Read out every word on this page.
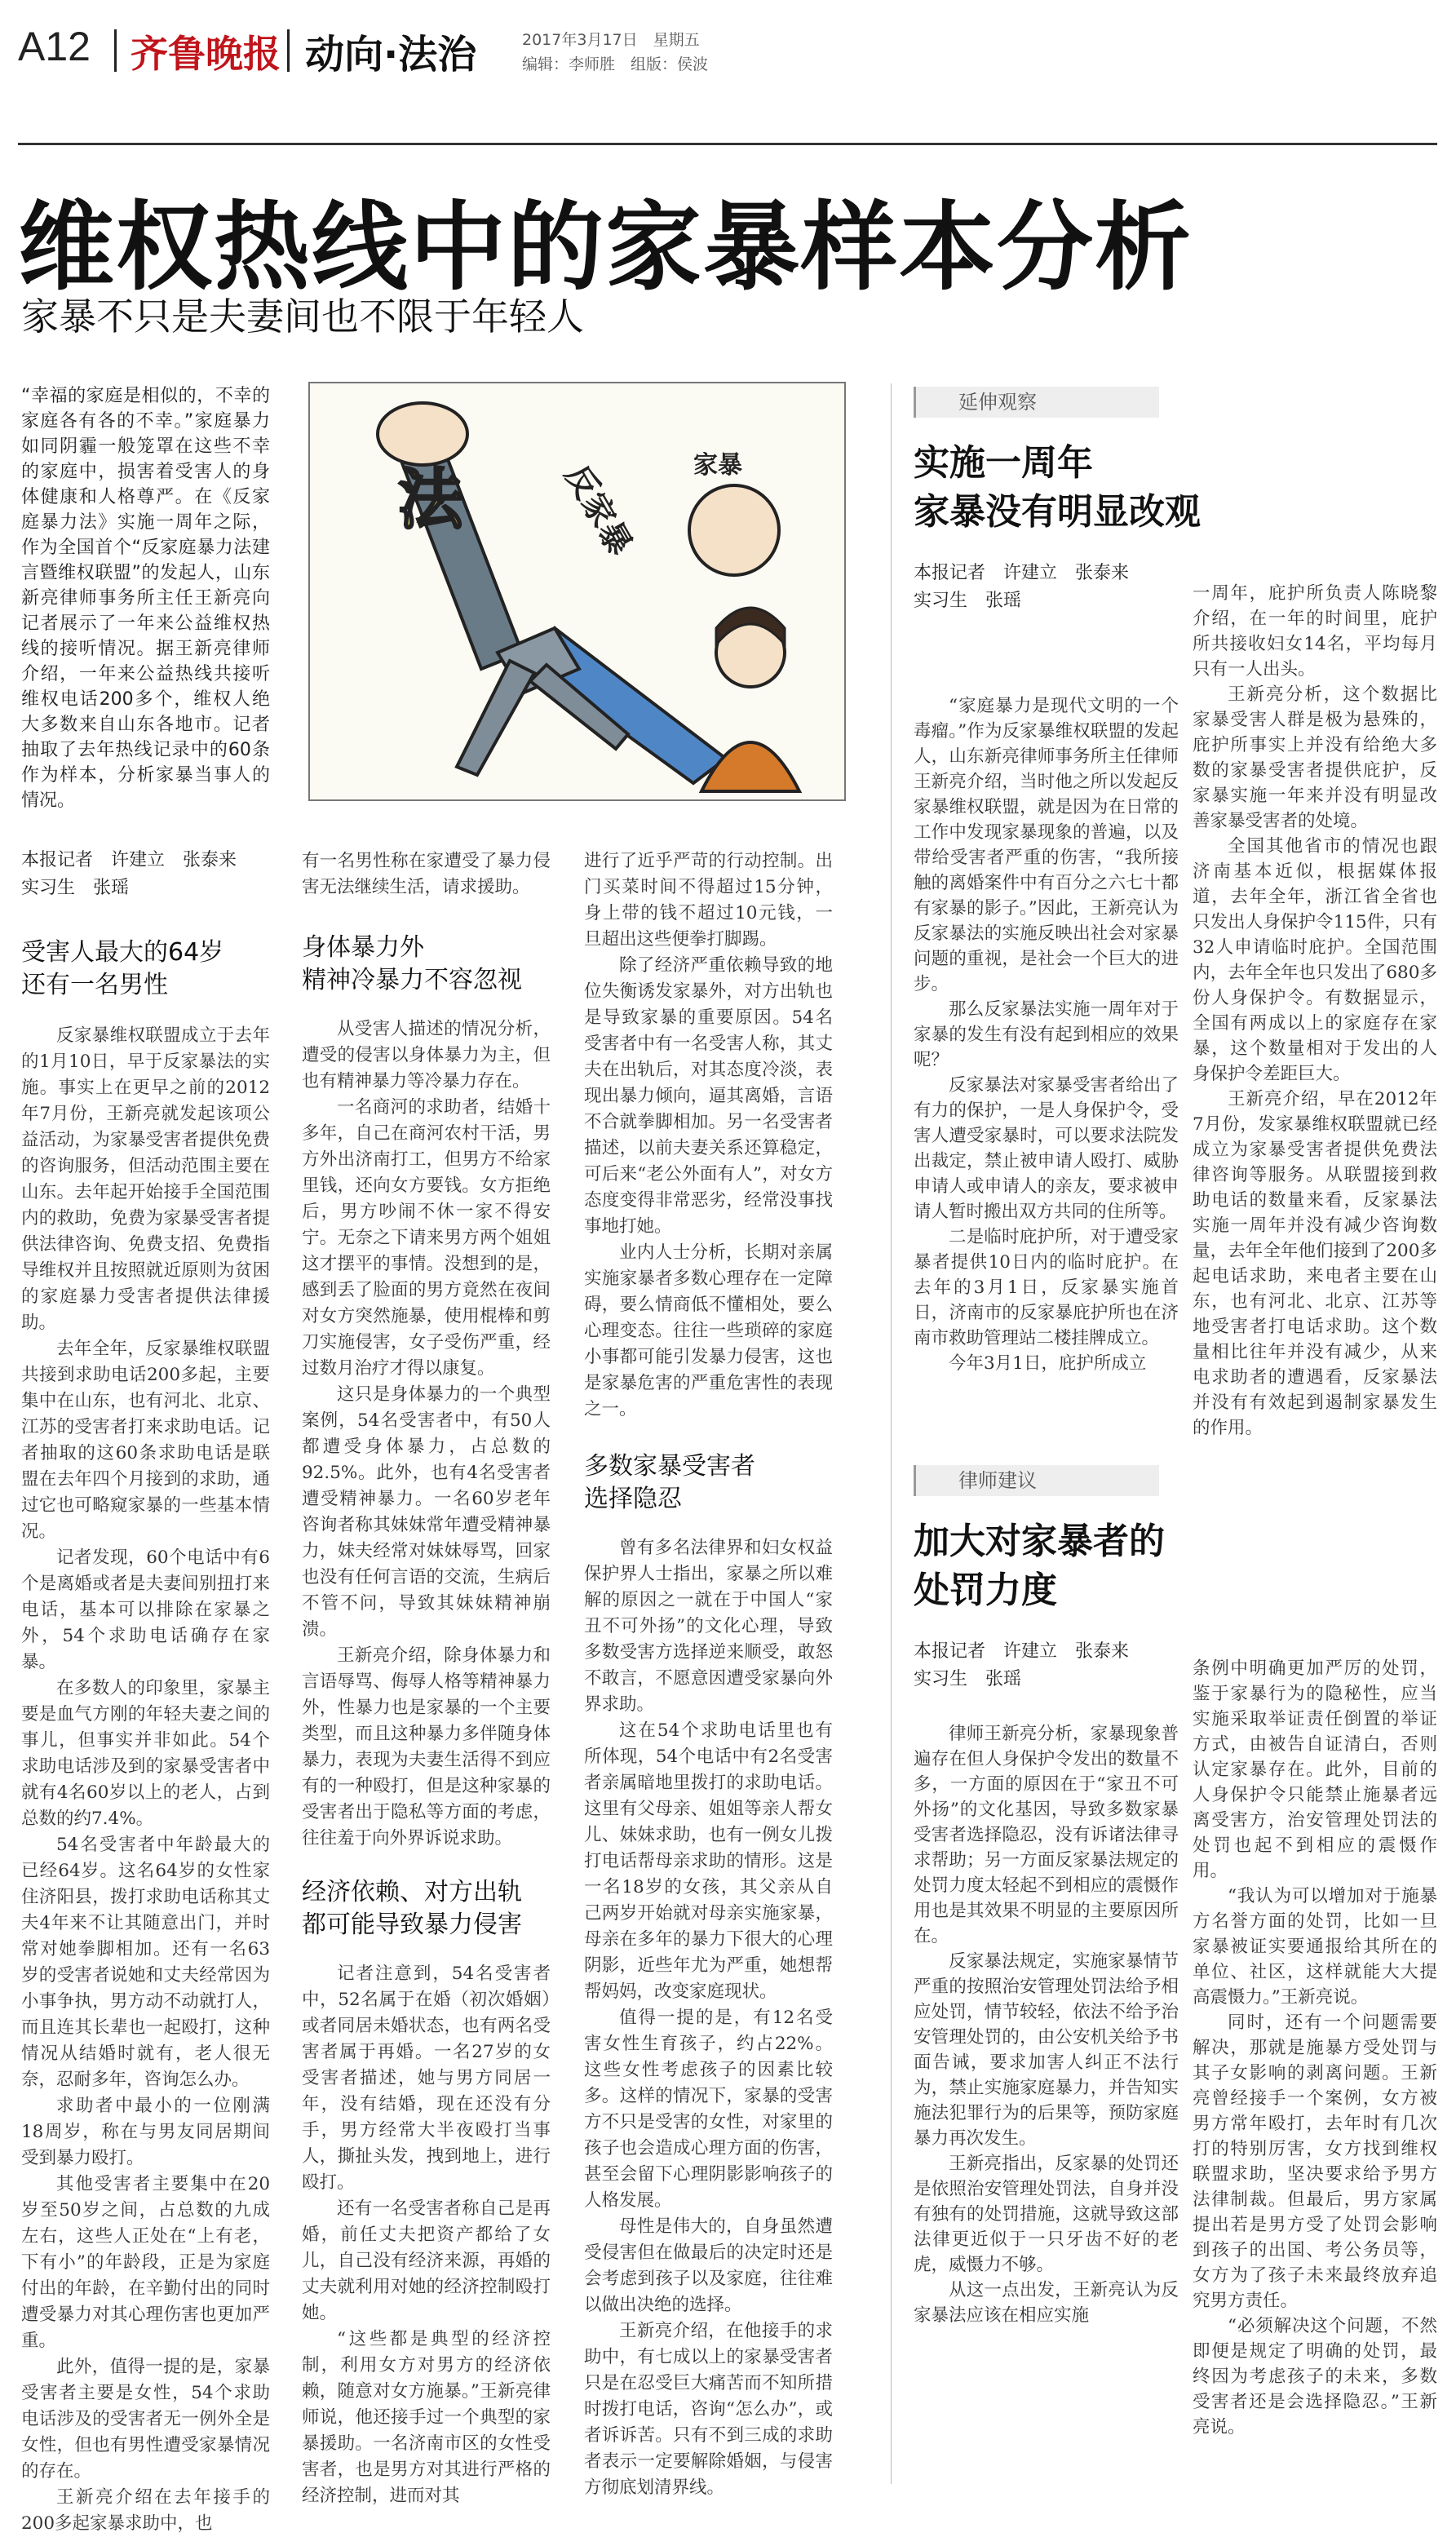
A12 齐鲁晚报 动向·法治	2017年3月17日　星期五
编辑：李师胜　组版：侯波
维权热线中的家暴样本分析
家暴不只是夫妻间也不限于年轻人
“幸福的家庭是相似的，不幸的家庭各有各的不幸。”家庭暴力如同阴霾一般笼罩在这些不幸的家庭中，损害着受害人的身体健康和人格尊严。在《反家庭暴力法》实施一周年之际，作为全国首个“反家庭暴力法建言暨维权联盟”的发起人，山东新亮律师事务所主任王新亮向记者展示了一年来公益维权热线的接听情况。据王新亮律师介绍，一年来公益热线共接听维权电话200多个，维权人绝大多数来自山东各地市。记者抽取了去年热线记录中的60条作为样本，分析家暴当事人的情况。
法	反家暴 家暴
本报记者　许建立　张泰来
实习生　张瑶
受害人最大的64岁
还有一名男性

反家暴维权联盟成立于去年的1月10日，早于反家暴法的实施。事实上在更早之前的2012年7月份，王新亮就发起该项公益活动，为家暴受害者提供免费的咨询服务，但活动范围主要在山东。去年起开始接手全国范围内的救助，免费为家暴受害者提供法律咨询、免费支招、免费指导维权并且按照就近原则为贫困的家庭暴力受害者提供法律援助。

去年全年，反家暴维权联盟共接到求助电话200多起，主要集中在山东，也有河北、北京、江苏的受害者打来求助电话。记者抽取的这60条求助电话是联盟在去年四个月接到的求助，通过它也可略窥家暴的一些基本情况。

记者发现，60个电话中有6个是离婚或者是夫妻间别扭打来电话，基本可以排除在家暴之外，54个求助电话确存在家暴。

在多数人的印象里，家暴主要是血气方刚的年轻夫妻之间的事儿，但事实并非如此。54个求助电话涉及到的家暴受害者中就有4名60岁以上的老人，占到总数的约7.4%。

54名受害者中年龄最大的已经64岁。这名64岁的女性家住济阳县，拨打求助电话称其丈夫4年来不让其随意出门，并时常对她拳脚相加。还有一名63岁的受害者说她和丈夫经常因为小事争执，男方动不动就打人，而且连其长辈也一起殴打，这种情况从结婚时就有，老人很无奈，忍耐多年，咨询怎么办。

求助者中最小的一位刚满18周岁，称在与男友同居期间受到暴力殴打。

其他受害者主要集中在20岁至50岁之间，占总数的九成左右，这些人正处在“上有老，下有小”的年龄段，正是为家庭付出的年龄，在辛勤付出的同时遭受暴力对其心理伤害也更加严重。

此外，值得一提的是，家暴受害者主要是女性，54个求助电话涉及的受害者无一例外全是女性，但也有男性遭受家暴情况的存在。

王新亮介绍在去年接手的200多起家暴求助中，也

有一名男性称在家遭受了暴力侵害无法继续生活，请求援助。

身体暴力外
精神冷暴力不容忽视

从受害人描述的情况分析，遭受的侵害以身体暴力为主，但也有精神暴力等冷暴力存在。

一名商河的求助者，结婚十多年，自己在商河农村干活，男方外出济南打工，但男方不给家里钱，还向女方要钱。女方拒绝后，男方吵闹不休一家不得安宁。无奈之下请来男方两个姐姐这才摆平的事情。没想到的是，感到丢了脸面的男方竟然在夜间对女方突然施暴，使用棍棒和剪刀实施侵害，女子受伤严重，经过数月治疗才得以康复。

这只是身体暴力的一个典型案例，54名受害者中，有50人都遭受身体暴力，占总数的92.5%。此外，也有4名受害者遭受精神暴力。一名60岁老年咨询者称其妹妹常年遭受精神暴力，妹夫经常对妹妹辱骂，回家也没有任何言语的交流，生病后不管不问，导致其妹妹精神崩溃。

王新亮介绍，除身体暴力和言语辱骂、侮辱人格等精神暴力外，性暴力也是家暴的一个主要类型，而且这种暴力多伴随身体暴力，表现为夫妻生活得不到应有的一种殴打，但是这种家暴的受害者出于隐私等方面的考虑，往往羞于向外界诉说求助。

经济依赖、对方出轨
都可能导致暴力侵害

记者注意到，54名受害者中，52名属于在婚（初次婚姻）或者同居未婚状态，也有两名受害者属于再婚。一名27岁的女受害者描述，她与男方同居一年，没有结婚，现在还没有分手，男方经常大半夜殴打当事人，撕扯头发，拽到地上，进行殴打。

还有一名受害者称自己是再婚，前任丈夫把资产都给了女儿，自己没有经济来源，再婚的丈夫就利用对她的经济控制殴打她。

“这些都是典型的经济控制，利用女方对男方的经济依赖，随意对女方施暴。”王新亮律师说，他还接手过一个典型的家暴援助。一名济南市区的女性受害者，也是男方对其进行严格的经济控制，进而对其

进行了近乎严苛的行动控制。出门买菜时间不得超过15分钟，身上带的钱不超过10元钱，一旦超出这些便拳打脚踢。

除了经济严重依赖导致的地位失衡诱发家暴外，对方出轨也是导致家暴的重要原因。54名受害者中有一名受害人称，其丈夫在出轨后，对其态度冷淡，表现出暴力倾向，逼其离婚，言语不合就拳脚相加。另一名受害者描述，以前夫妻关系还算稳定，可后来“老公外面有人”，对女方态度变得非常恶劣，经常没事找事地打她。

业内人士分析，长期对亲属实施家暴者多数心理存在一定障碍，要么情商低不懂相处，要么心理变态。往往一些琐碎的家庭小事都可能引发暴力侵害，这也是家暴危害的严重危害性的表现之一。

多数家暴受害者
选择隐忍

曾有多名法律界和妇女权益保护界人士指出，家暴之所以难解的原因之一就在于中国人“家丑不可外扬”的文化心理，导致多数受害方选择逆来顺受，敢怒不敢言，不愿意因遭受家暴向外界求助。

这在54个求助电话里也有所体现，54个电话中有2名受害者亲属暗地里拨打的求助电话。这里有父母亲、姐姐等亲人帮女儿、妹妹求助，也有一例女儿拨打电话帮母亲求助的情形。这是一名18岁的女孩，其父亲从自己两岁开始就对母亲实施家暴，母亲在多年的暴力下很大的心理阴影，近些年尤为严重，她想帮帮妈妈，改变家庭现状。

值得一提的是，有12名受害女性生育孩子，约占22%。这些女性考虑孩子的因素比较多。这样的情况下，家暴的受害方不只是受害的女性，对家里的孩子也会造成心理方面的伤害，甚至会留下心理阴影影响孩子的人格发展。

母性是伟大的，自身虽然遭受侵害但在做最后的决定时还是会考虑到孩子以及家庭，往往难以做出决绝的选择。

王新亮介绍，在他接手的求助中，有七成以上的家暴受害者只是在忍受巨大痛苦而不知所措时拨打电话，咨询“怎么办”，或者诉诉苦。只有不到三成的求助者表示一定要解除婚姻，与侵害方彻底划清界线。

延伸观察
实施一周年
家暴没有明显改观
本报记者　许建立　张泰来
实习生　张瑶

“家庭暴力是现代文明的一个毒瘤。”作为反家暴维权联盟的发起人，山东新亮律师事务所主任律师王新亮介绍，当时他之所以发起反家暴维权联盟，就是因为在日常的工作中发现家暴现象的普遍，以及带给受害者严重的伤害，“我所接触的离婚案件中有百分之六七十都有家暴的影子。”因此，王新亮认为反家暴法的实施反映出社会对家暴问题的重视，是社会一个巨大的进步。

那么反家暴法实施一周年对于家暴的发生有没有起到相应的效果呢？

反家暴法对家暴受害者给出了有力的保护，一是人身保护令，受害人遭受家暴时，可以要求法院发出裁定，禁止被申请人殴打、威胁申请人或申请人的亲友，要求被申请人暂时搬出双方共同的住所等。

二是临时庇护所，对于遭受家暴者提供10日内的临时庇护。在去年的3月1日，反家暴实施首日，济南市的反家暴庇护所也在济南市救助管理站二楼挂牌成立。

今年3月1日，庇护所成立

一周年，庇护所负责人陈晓黎介绍，在一年的时间里，庇护所共接收妇女14名，平均每月只有一人出头。

王新亮分析，这个数据比家暴受害人群是极为悬殊的，庇护所事实上并没有给绝大多数的家暴受害者提供庇护，反家暴实施一年来并没有明显改善家暴受害者的处境。

全国其他省市的情况也跟济南基本近似，根据媒体报道，去年全年，浙江省全省也只发出人身保护令115件，只有32人申请临时庇护。全国范围内，去年全年也只发出了680多份人身保护令。有数据显示，全国有两成以上的家庭存在家暴，这个数量相对于发出的人身保护令差距巨大。

王新亮介绍，早在2012年7月份，发家暴维权联盟就已经成立为家暴受害者提供免费法律咨询等服务。从联盟接到救助电话的数量来看，反家暴法实施一周年并没有减少咨询数量，去年全年他们接到了200多起电话求助，来电者主要在山东，也有河北、北京、江苏等地受害者打电话求助。这个数量相比往年并没有减少，从来电求助者的遭遇看，反家暴法并没有有效起到遏制家暴发生的作用。

律师建议
加大对家暴者的
处罚力度
本报记者　许建立　张泰来
实习生　张瑶

律师王新亮分析，家暴现象普遍存在但人身保护令发出的数量不多，一方面的原因在于“家丑不可外扬”的文化基因，导致多数家暴受害者选择隐忍，没有诉诸法律寻求帮助；另一方面反家暴法规定的处罚力度太轻起不到相应的震慑作用也是其效果不明显的主要原因所在。

反家暴法规定，实施家暴情节严重的按照治安管理处罚法给予相应处罚，情节较轻，依法不给予治安管理处罚的，由公安机关给予书面告诫，要求加害人纠正不法行为，禁止实施家庭暴力，并告知实施法犯罪行为的后果等，预防家庭暴力再次发生。

王新亮指出，反家暴的处罚还是依照治安管理处罚法，自身并没有独有的处罚措施，这就导致这部法律更近似于一只牙齿不好的老虎，威慑力不够。

从这一点出发，王新亮认为反家暴法应该在相应实施

条例中明确更加严厉的处罚，鉴于家暴行为的隐秘性，应当实施采取举证责任倒置的举证方式，由被告自证清白，否则认定家暴存在。此外，目前的人身保护令只能禁止施暴者远离受害方，治安管理处罚法的处罚也起不到相应的震慑作用。

“我认为可以增加对于施暴方名誉方面的处罚，比如一旦家暴被证实要通报给其所在的单位、社区，这样就能大大提高震慑力。”王新亮说。

同时，还有一个问题需要解决，那就是施暴方受处罚与其子女影响的剥离问题。王新亮曾经接手一个案例，女方被男方常年殴打，去年时有几次打的特别厉害，女方找到维权联盟求助，坚决要求给予男方法律制裁。但最后，男方家属提出若是男方受了处罚会影响到孩子的出国、考公务员等，女方为了孩子未来最终放弃追究男方责任。

“必须解决这个问题，不然即便是规定了明确的处罚，最终因为考虑孩子的未来，多数受害者还是会选择隐忍。”王新亮说。
